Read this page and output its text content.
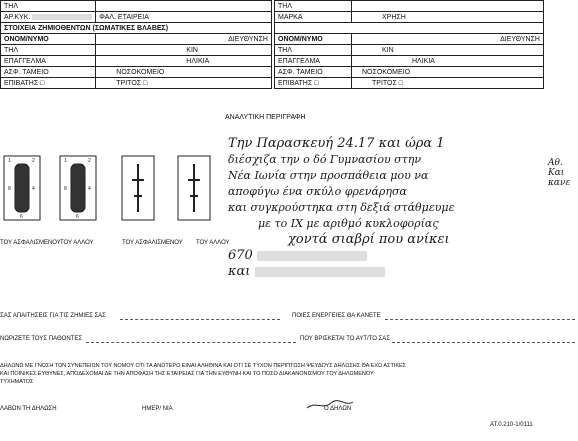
ΤΗΛ	
ΑΡ.ΚΥΚ.	ΦΑΛ. ΕΤΑΙΡΕΙΑ
ΣΤΟΙΧΕΙΑ ΖΗΜΙΟΘΕΝΤΩΝ (ΣΩΜΑΤΙΚΕΣ ΒΛΑΒΕΣ)	
ΟΝΟΜ/ΝΥΜΟ	ΔΙΕΥΘΥΝΣΗ
ΤΗΛ	ΚΙΝ
ΕΠΑΓΓΕΛΜΑ	ΗΛΙΚΙΑ
ΑΣΦ. ΤΑΜΕΙΟ	ΝΟΣΟΚΟΜΕΙΟ
ΕΠΙΒΑΤΗΣ □	ΤΡΙΤΟΣ □
ΤΗΛ	
ΜΑΡΚΑ	ΧΡΗΣΗ

ΟΝΟΜ/ΝΥΜΟ	ΔΙΕΥΘΥΝΣΗ
ΤΗΛ	ΚΙΝ
ΕΠΑΓΓΕΛΜΑ	ΗΛΙΚΙΑ
ΑΣΦ. ΤΑΜΕΙΟ	ΝΟΣΟΚΟΜΕΙΟ
ΕΠΙΒΑΤΗΣ □	ΤΡΙΤΟΣ □
ΑΝΑΛΥΤΙΚΗ ΠΕΡΙΓΡΑΦΗ
1
8
2
4
6
1
8
2
4
6
ΤΟΥ ΑΣΦΑΛΙΣΜΕΝΟΥ ΤΟΥ ΑΛΛΟΥ	ΤΟΥ ΑΣΦΑΛΙΣΜΕΝΟΥ ΤΟΥ ΑΛΛΟΥ
Την Παρασκευή 24.17 και ώρα 1
διέσχιζα την ο δό Γυμνασίου στην
Νέα Ιωνία στην προσπάθεια μου να
αποφύγω ένα σκύλο φρενάρησα
και συγκρούστηκα στη δεξιά στάθμευμε
με το ΙΧ με αριθμό κυκλοφορίας
χοντά σιαβρί που ανίκει
670
και
Αθ.
Και
κανε
ΣΑΣ ΑΠΑΙΤΗΣΕΙΣ ΓΙΑ ΤΙΣ ΖΗΜΙΕΣ ΣΑΣ	ΠΟΙΕΣ ΕΝΕΡΓΕΙΕΣ ΘΑ ΚΑΝΕΤΕ
ΝΩΡΙΖΕΤΕ ΤΟΥΣ ΠΑΘΟΝΤΕΣ	ΠΟΥ ΒΡΙΣΚΕΤΑΙ ΤΟ ΑΥΤ/ΤΟ ΣΑΣ
ΔΗΛΩΝΩ ΜΕ ΓΝΩΣΗ ΤΩΝ ΣΥΝΕΠΕΙΩΝ ΤΟΥ ΝΟΜΟΥ ΟΤΙ ΤΑ ΑΝΩΤΕΡΩ ΕΙΝΑΙ ΑΛΗΘΙΝΑ ΚΑΙ ΟΤΙ ΣΕ ΤΥΧΟΝ ΠΕΡΙΠΤΩΣΗ ΨΕΥΔΟΥΣ ΔΗΛΩΣΗΣ ΘΑ ΕΧΩ ΑΣΤΙΚΕΣ
ΚΑΙ ΠΟΙΝΙΚΕΣ ΕΥΘΥΝΕΣ, ΑΠΟΔΕΧΟΜΑΙ ΔΕ ΤΗΝ ΑΠΟΦΑΣΗ ΤΗΣ ΕΤΑΙΡΕΙΑΣ ΓΙΑ ΤΗΝ ΕΥΘΥΝΗ ΚΑΙ ΤΟ ΠΟΣΟ ΔΙΑΚΑΝΟΝΙΣΜΟΥ ΤΟΥ ΔΗΛΩΜΕΝΟΥ
ΤΥΧΗΜΑΤΟΣ
ΛΑΒΩΝ ΤΗ ΔΗΛΩΣΗ	ΗΜΕΡ/ ΝΙΑ	Ο ΔΗΛΩΝ
ΑΤ.0.210-1/0111
